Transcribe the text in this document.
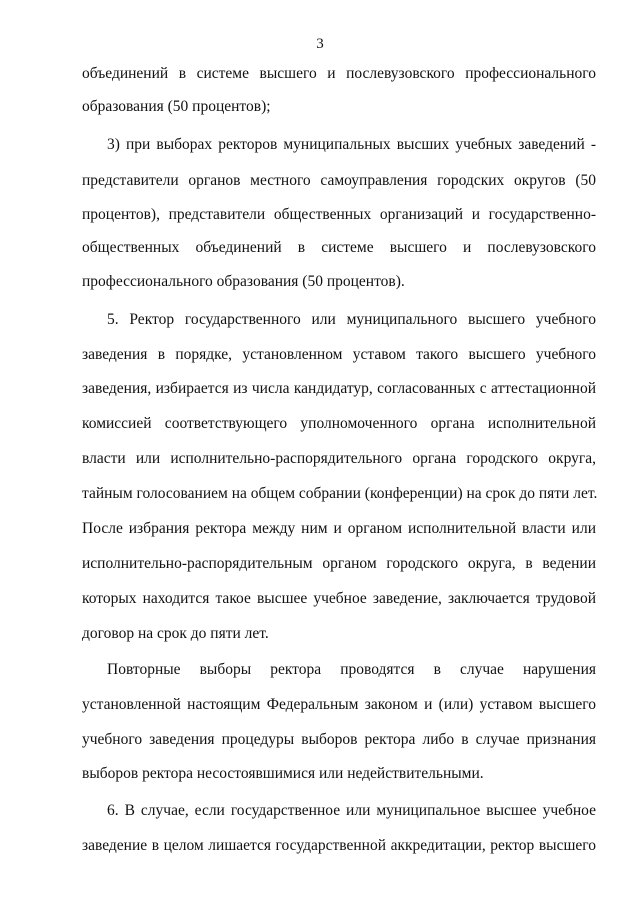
3
объединений в системе высшего и послевузовского профессионального
образования (50 процентов);
3) при выборах ректоров муниципальных высших учебных заведений -
представители органов местного самоуправления городских округов (50
процентов), представители общественных организаций и государственно-
общественных объединений в системе высшего и послевузовского
профессионального образования (50 процентов).
5. Ректор государственного или муниципального высшего учебного
заведения в порядке, установленном уставом такого высшего учебного
заведения, избирается из числа кандидатур, согласованных с аттестационной
комиссией соответствующего уполномоченного органа исполнительной
власти или исполнительно-распорядительного органа городского округа,
тайным голосованием на общем собрании (конференции) на срок до пяти лет.
После избрания ректора между ним и органом исполнительной власти или
исполнительно-распорядительным органом городского округа, в ведении
которых находится такое высшее учебное заведение, заключается трудовой
договор на срок до пяти лет.
Повторные выборы ректора проводятся в случае нарушения
установленной настоящим Федеральным законом и (или) уставом высшего
учебного заведения процедуры выборов ректора либо в случае признания
выборов ректора несостоявшимися или недействительными.
6. В случае, если государственное или муниципальное высшее учебное
заведение в целом лишается государственной аккредитации, ректор высшего
